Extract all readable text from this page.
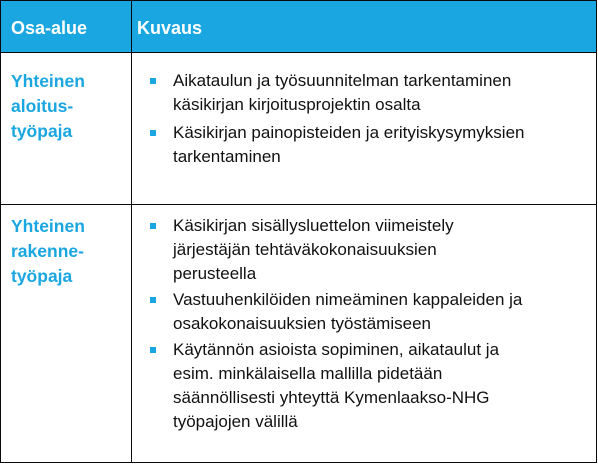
Osa-alue	Kuvaus
Yhteinen
aloitus-
työpaja
Aikataulun ja työsuunnitelman tarkentaminen
käsikirjan kirjoitusprojektin osalta
Käsikirjan painopisteiden ja erityiskysymyksien
tarkentaminen
Yhteinen
rakenne-
työpaja
Käsikirjan sisällysluettelon viimeistely
järjestäjän tehtäväkokonaisuuksien
perusteella
Vastuuhenkilöiden nimeäminen kappaleiden ja
osakokonaisuuksien työstämiseen
Käytännön asioista sopiminen, aikataulut ja
esim. minkälaisella mallilla pidetään
säännöllisesti yhteyttä Kymenlaakso-NHG
työpajojen välillä
